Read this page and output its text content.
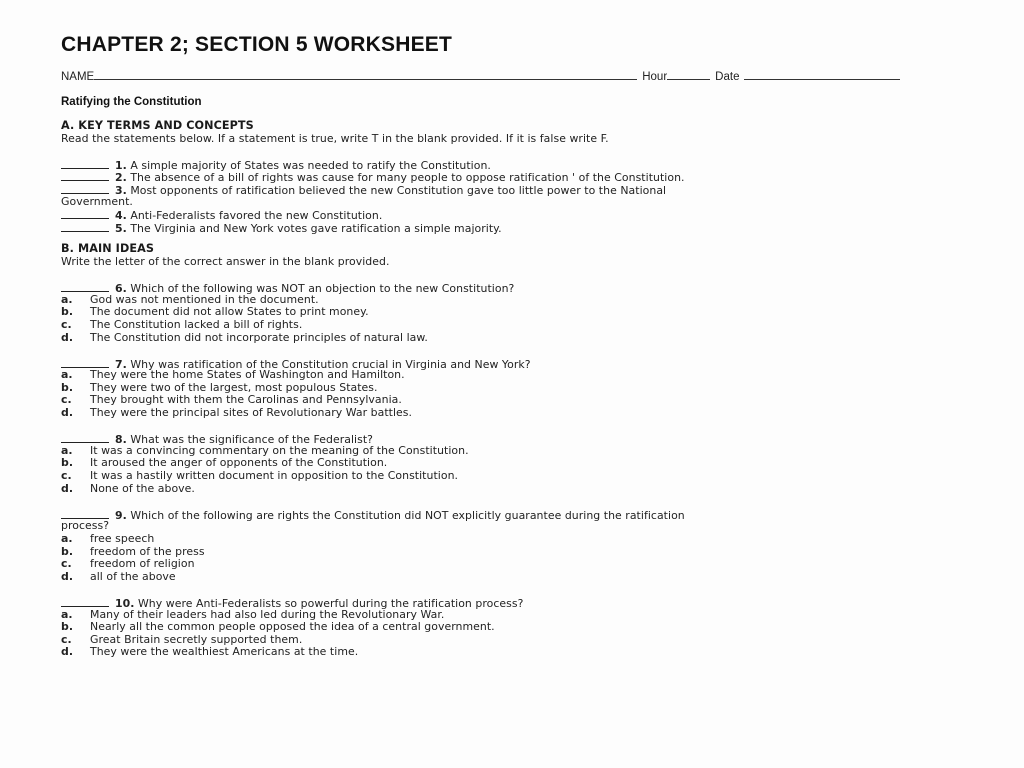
CHAPTER 2; SECTION 5 WORKSHEET
NAME	Hour	Date
Ratifying the Constitution
A. KEY TERMS AND CONCEPTS
Read the statements below. If a statement is true, write T in the blank provided. If it is false write F.
1. A simple majority of States was needed to ratify the Constitution.
2. The absence of a bill of rights was cause for many people to oppose ratification ' of the Constitution.
3. Most opponents of ratification believed the new Constitution gave too little power to the National
Government.
4. Anti-Federalists favored the new Constitution.
5. The Virginia and New York votes gave ratification a simple majority.
B. MAIN IDEAS
Write the letter of the correct answer in the blank provided.
6. Which of the following was NOT an objection to the new Constitution?
a.	God was not mentioned in the document.
b.	The document did not allow States to print money.
c.	The Constitution lacked a bill of rights.
d.	The Constitution did not incorporate principles of natural law.
7. Why was ratification of the Constitution crucial in Virginia and New York?
a.	They were the home States of Washington and Hamilton.
b.	They were two of the largest, most populous States.
c.	They brought with them the Carolinas and Pennsylvania.
d.	They were the principal sites of Revolutionary War battles.
8. What was the significance of the Federalist?
a.	It was a convincing commentary on the meaning of the Constitution.
b.	It aroused the anger of opponents of the Constitution.
c.	It was a hastily written document in opposition to the Constitution.
d.	None of the above.
9. Which of the following are rights the Constitution did NOT explicitly guarantee during the ratification
process?
a.	free speech
b.	freedom of the press
c.	freedom of religion
d.	all of the above
10. Why were Anti-Federalists so powerful during the ratification process?
a.	Many of their leaders had also led during the Revolutionary War.
b.	Nearly all the common people opposed the idea of a central government.
c.	Great Britain secretly supported them.
d.	They were the wealthiest Americans at the time.
